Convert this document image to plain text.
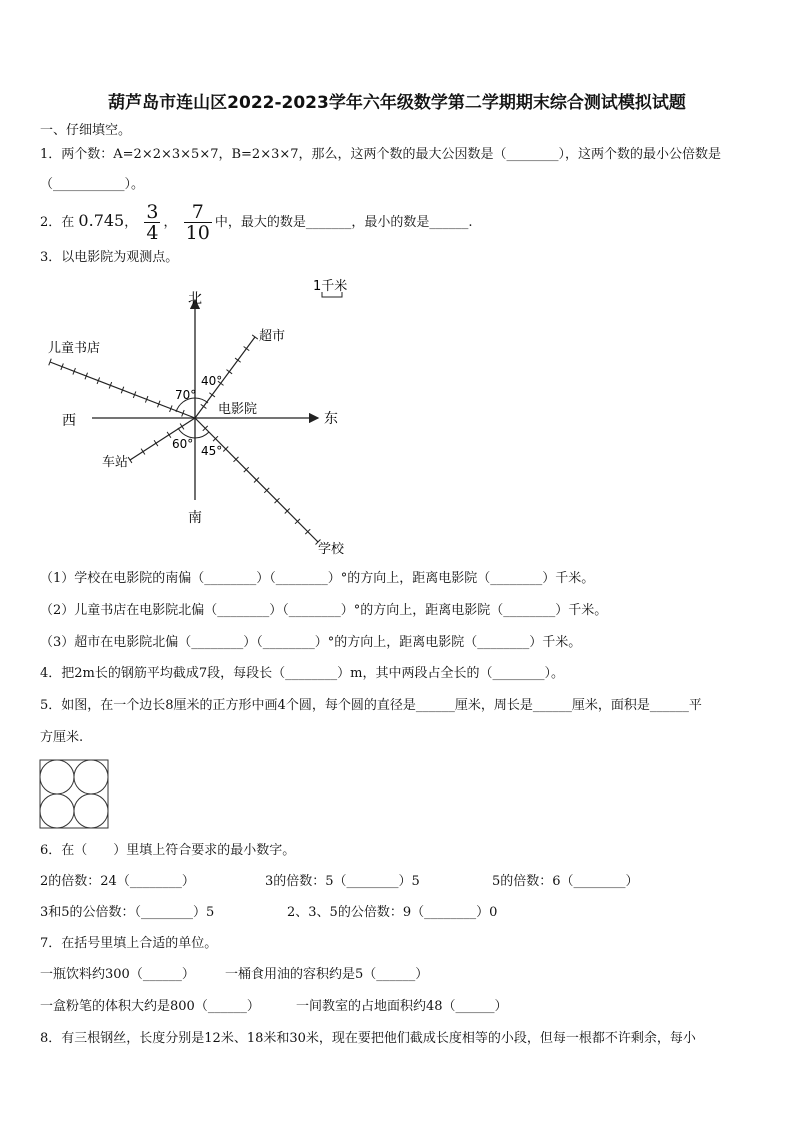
葫芦岛市连山区2022-2023学年六年级数学第二学期期末综合测试模拟试题
一、仔细填空。
1．两个数：A=2×2×3×5×7，B=2×3×7，那么，这两个数的最大公因数是（________），这两个数的最小公倍数是
（___________）。
2．在 0.745， $\frac{3}{4}$ ， $\frac{7}{10}$ 中，最大的数是_______，最小的数是______.
3．以电影院为观测点。
北
南
东
西
电影院
超市
儿童书店
车站
学校
1千米
40°
70°
60° 45°
（1）学校在电影院的南偏（________）（________）°的方向上，距离电影院（________）千米。
（2）儿童书店在电影院北偏（________）（________）°的方向上，距离电影院（________）千米。
（3）超市在电影院北偏（________）（________）°的方向上，距离电影院（________）千米。
4．把2m长的钢筋平均截成7段，每段长（________）m，其中两段占全长的（________）。
5．如图，在一个边长8厘米的正方形中画4个圆，每个圆的直径是______厘米，周长是______厘米，面积是______平
方厘米.
6．在（　　）里填上符合要求的最小数字。
2的倍数：24（________）	3的倍数：5（________）5	5的倍数：6（________）
3和5的公倍数：（________）5	2、3、5的公倍数：9（________）0
7．在括号里填上合适的单位。
一瓶饮料约300（______） 一桶食用油的容积约是5（______）
一盒粉笔的体积大约是800（______）	一间教室的占地面积约48（______）
8．有三根钢丝，长度分别是12米、18米和30米，现在要把他们截成长度相等的小段，但每一根都不许剩余，每小
